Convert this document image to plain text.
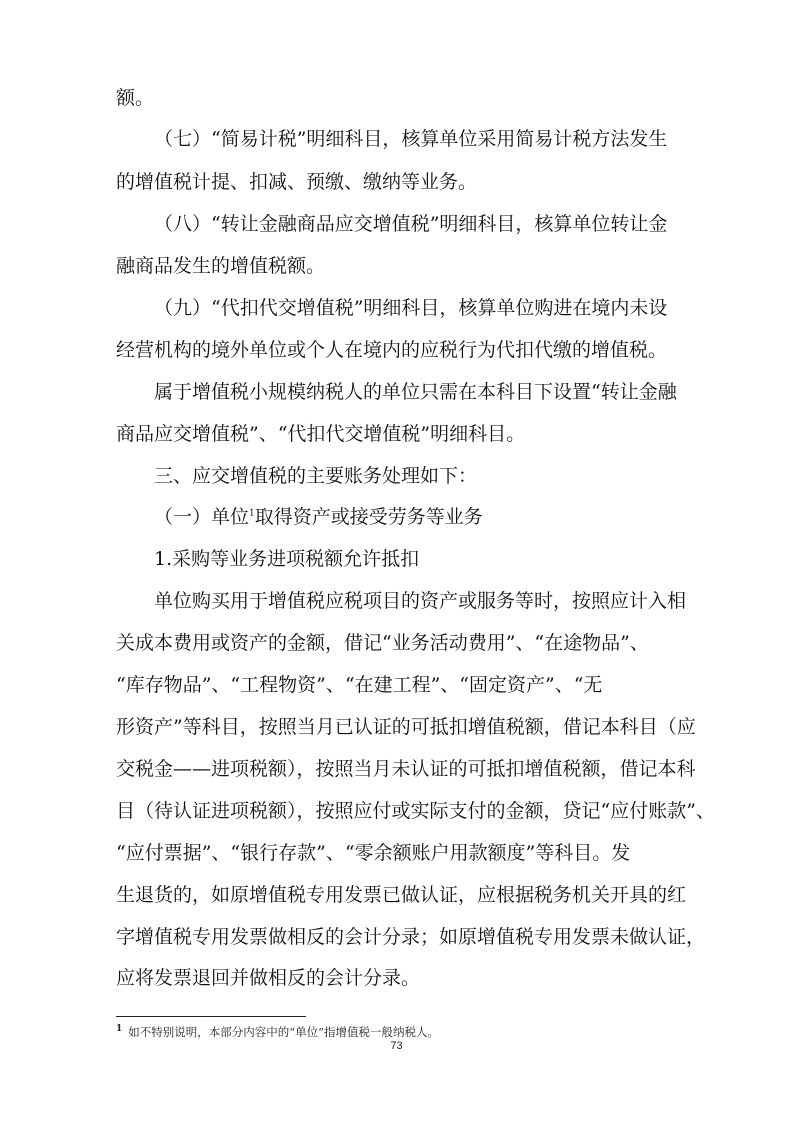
额。
（七）“简易计税”明细科目，核算单位采用简易计税方法发生
的增值税计提、扣减、预缴、缴纳等业务。
（八）“转让金融商品应交增值税”明细科目，核算单位转让金
融商品发生的增值税额。
（九）“代扣代交增值税”明细科目，核算单位购进在境内未设
经营机构的境外单位或个人在境内的应税行为代扣代缴的增值税。
属于增值税小规模纳税人的单位只需在本科目下设置“转让金融
商品应交增值税”、“代扣代交增值税”明细科目。
三、应交增值税的主要账务处理如下：
（一）单位$^1$取得资产或接受劳务等业务
1.采购等业务进项税额允许抵扣
单位购买用于增值税应税项目的资产或服务等时，按照应计入相
关成本费用或资产的金额，借记“业务活动费用”、“在途物品”、
“库存物品”、“工程物资”、“在建工程”、“固定资产”、“无
形资产”等科目，按照当月已认证的可抵扣增值税额，借记本科目（应
交税金——进项税额），按照当月未认证的可抵扣增值税额，借记本科
目（待认证进项税额），按照应付或实际支付的金额，贷记“应付账款”、
“应付票据”、“银行存款”、“零余额账户用款额度”等科目。发
生退货的，如原增值税专用发票已做认证，应根据税务机关开具的红
字增值税专用发票做相反的会计分录；如原增值税专用发票未做认证，
应将发票退回并做相反的会计分录。
$^1$ 如不特别说明，本部分内容中的“单位”指增值税一般纳税人。
73
